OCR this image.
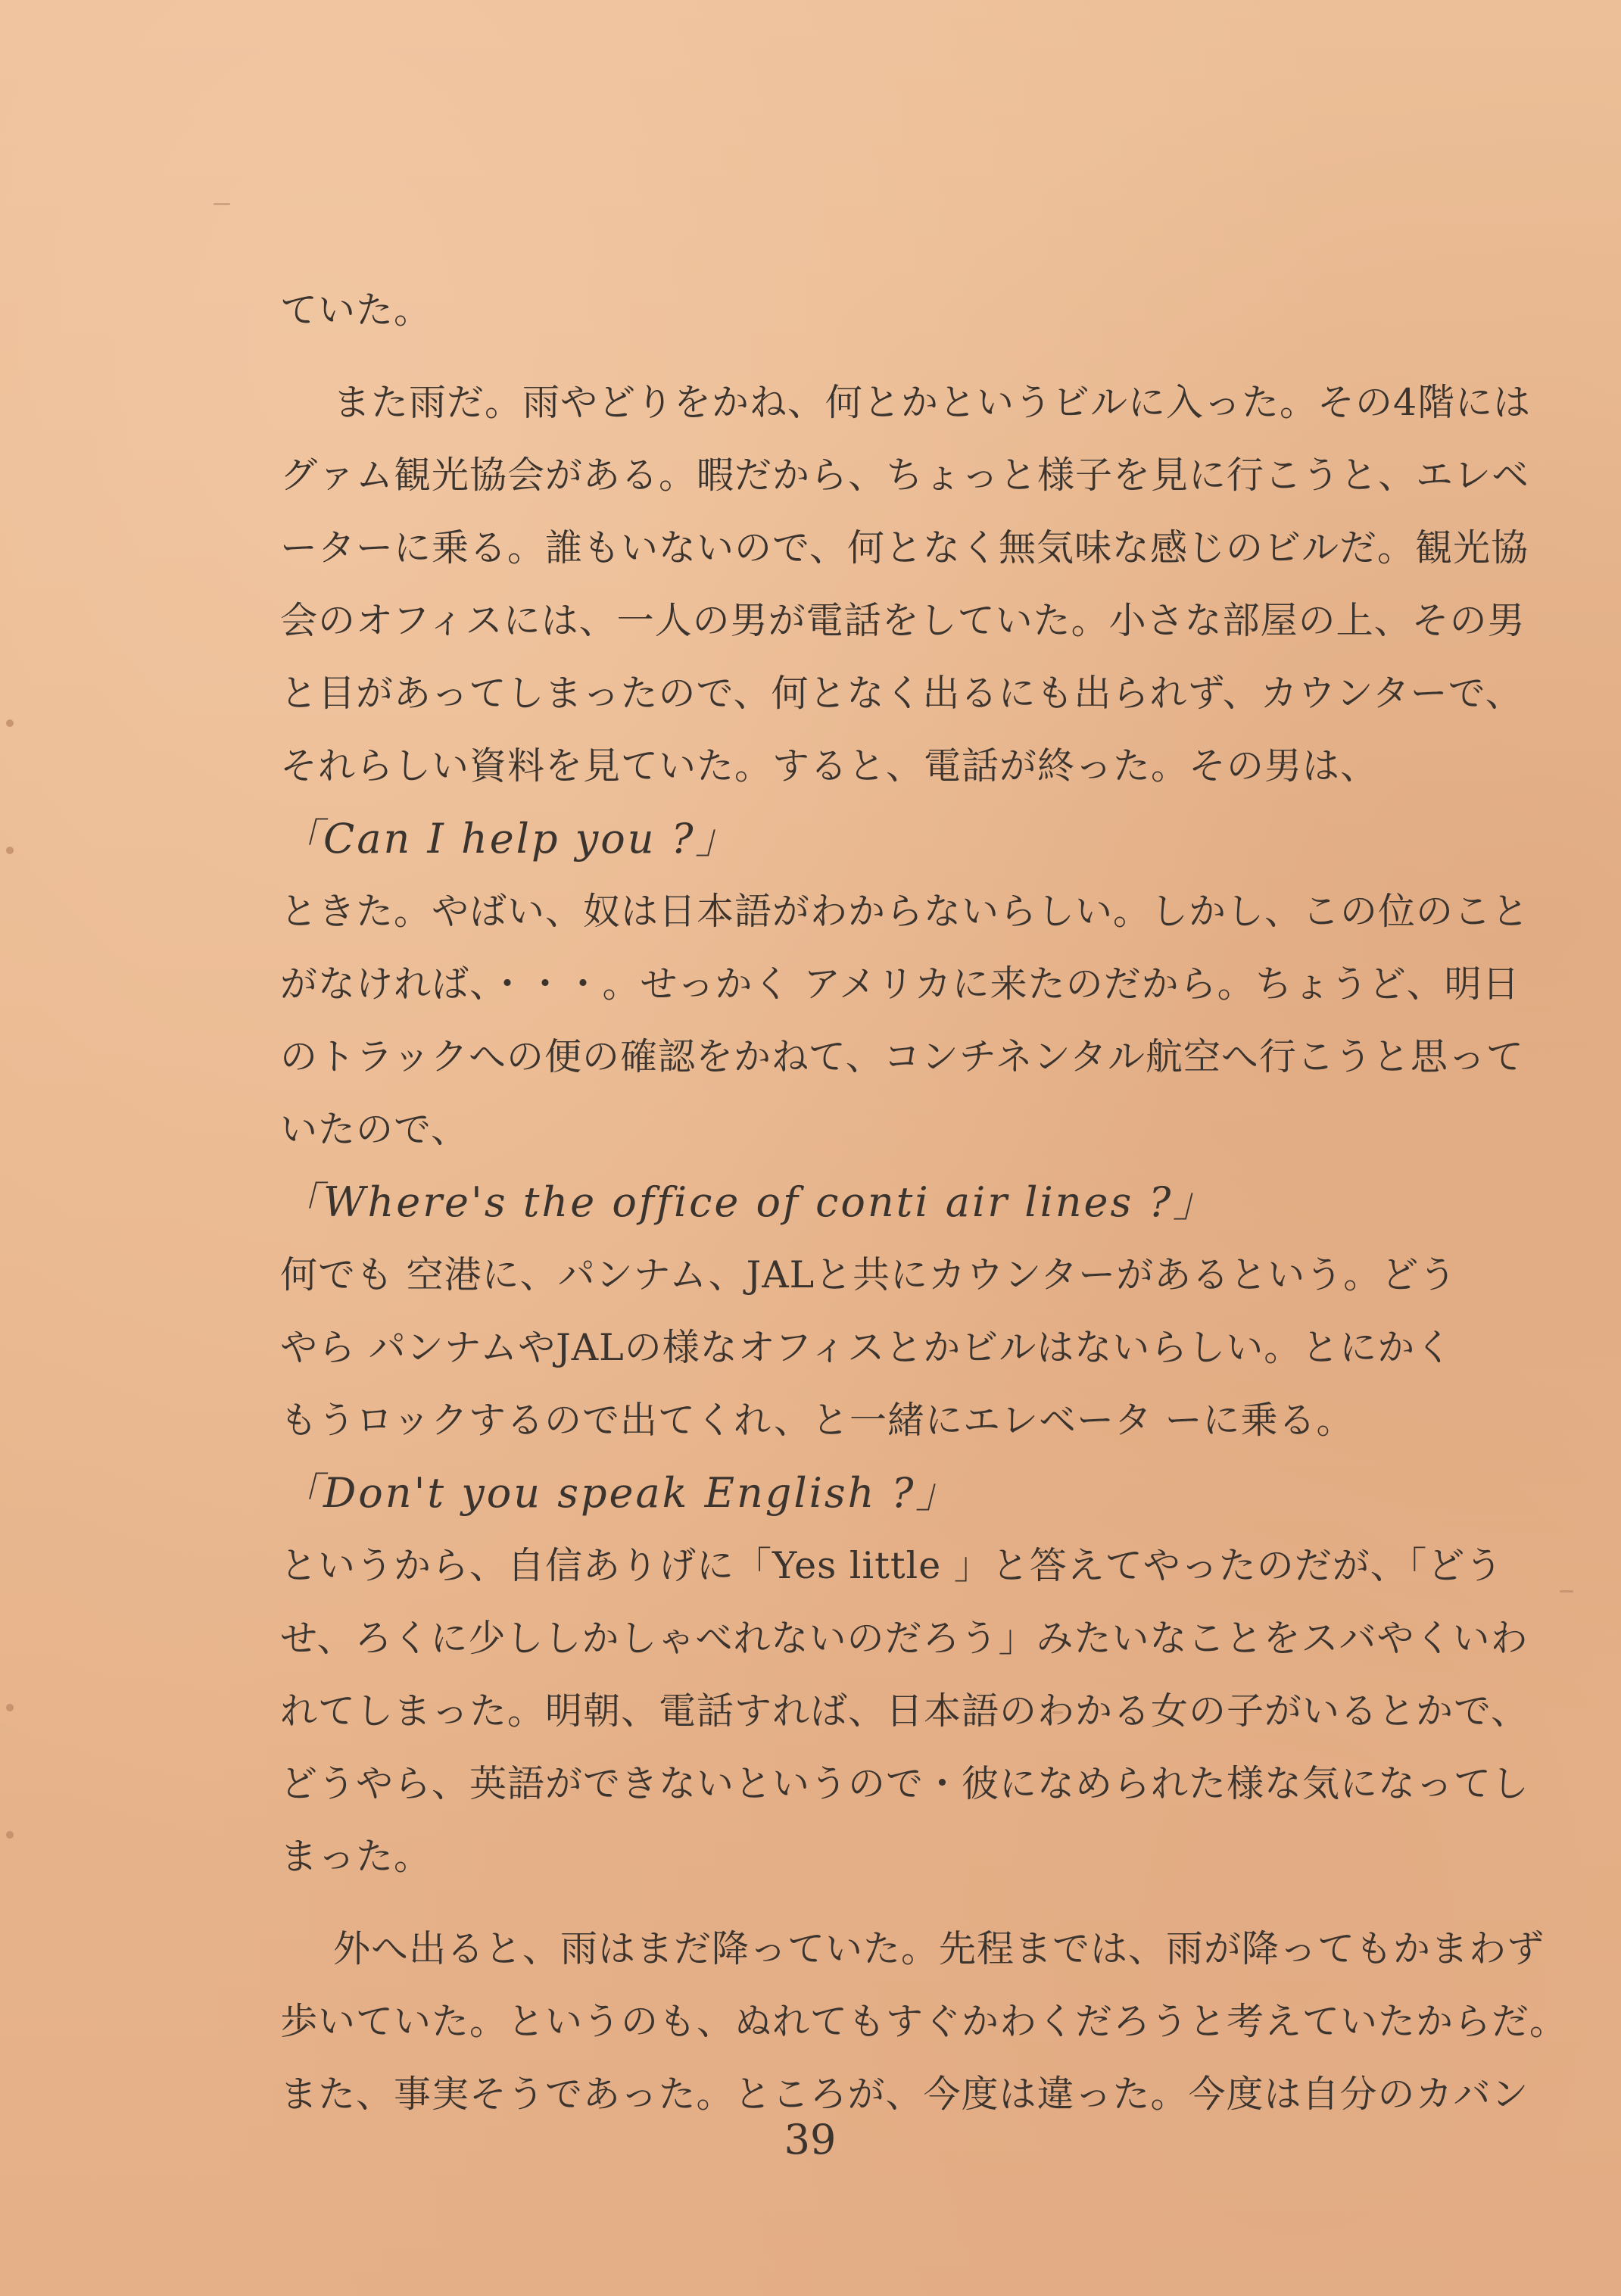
ていた。
また雨だ。雨やどりをかね、何とかというビルに入った。その4階には
グァム観光協会がある。暇だから、ちょっと様子を見に行こうと、エレベ
ーターに乗る。誰もいないので、何となく無気味な感じのビルだ。観光協
会のオフィスには、一人の男が電話をしていた。小さな部屋の上、その男
と目があってしまったので、何となく出るにも出られず、カウンターで、
それらしい資料を見ていた。すると、電話が終った。その男は、
「Can I help you ?」
ときた。やばい、奴は日本語がわからないらしい。しかし、この位のこと
がなければ、・・・。せっかく アメリカに来たのだから。ちょうど、明日
のトラックへの便の確認をかねて、コンチネンタル航空へ行こうと思って
いたので、
「Where's the office of conti air lines ?」
何でも 空港に、パンナム、JALと共にカウンターがあるという。どう
やら パンナムやJALの様なオフィスとかビルはないらしい。とにかく
もうロックするので出てくれ、と一緒にエレベータ ーに乗る。
「Don't you speak English ?」
というから、自信ありげに「Yes little 」と答えてやったのだが、「どう
せ、ろくに少ししかしゃべれないのだろう」みたいなことをスバやくいわ
れてしまった。明朝、電話すれば、日本語のわかる女の子がいるとかで、
どうやら、英語ができないというので・彼になめられた様な気になってし
まった。
外へ出ると、雨はまだ降っていた。先程までは、雨が降ってもかまわず
歩いていた。というのも、ぬれてもすぐかわくだろうと考えていたからだ。
また、事実そうであった。ところが、今度は違った。今度は自分のカバン
39
